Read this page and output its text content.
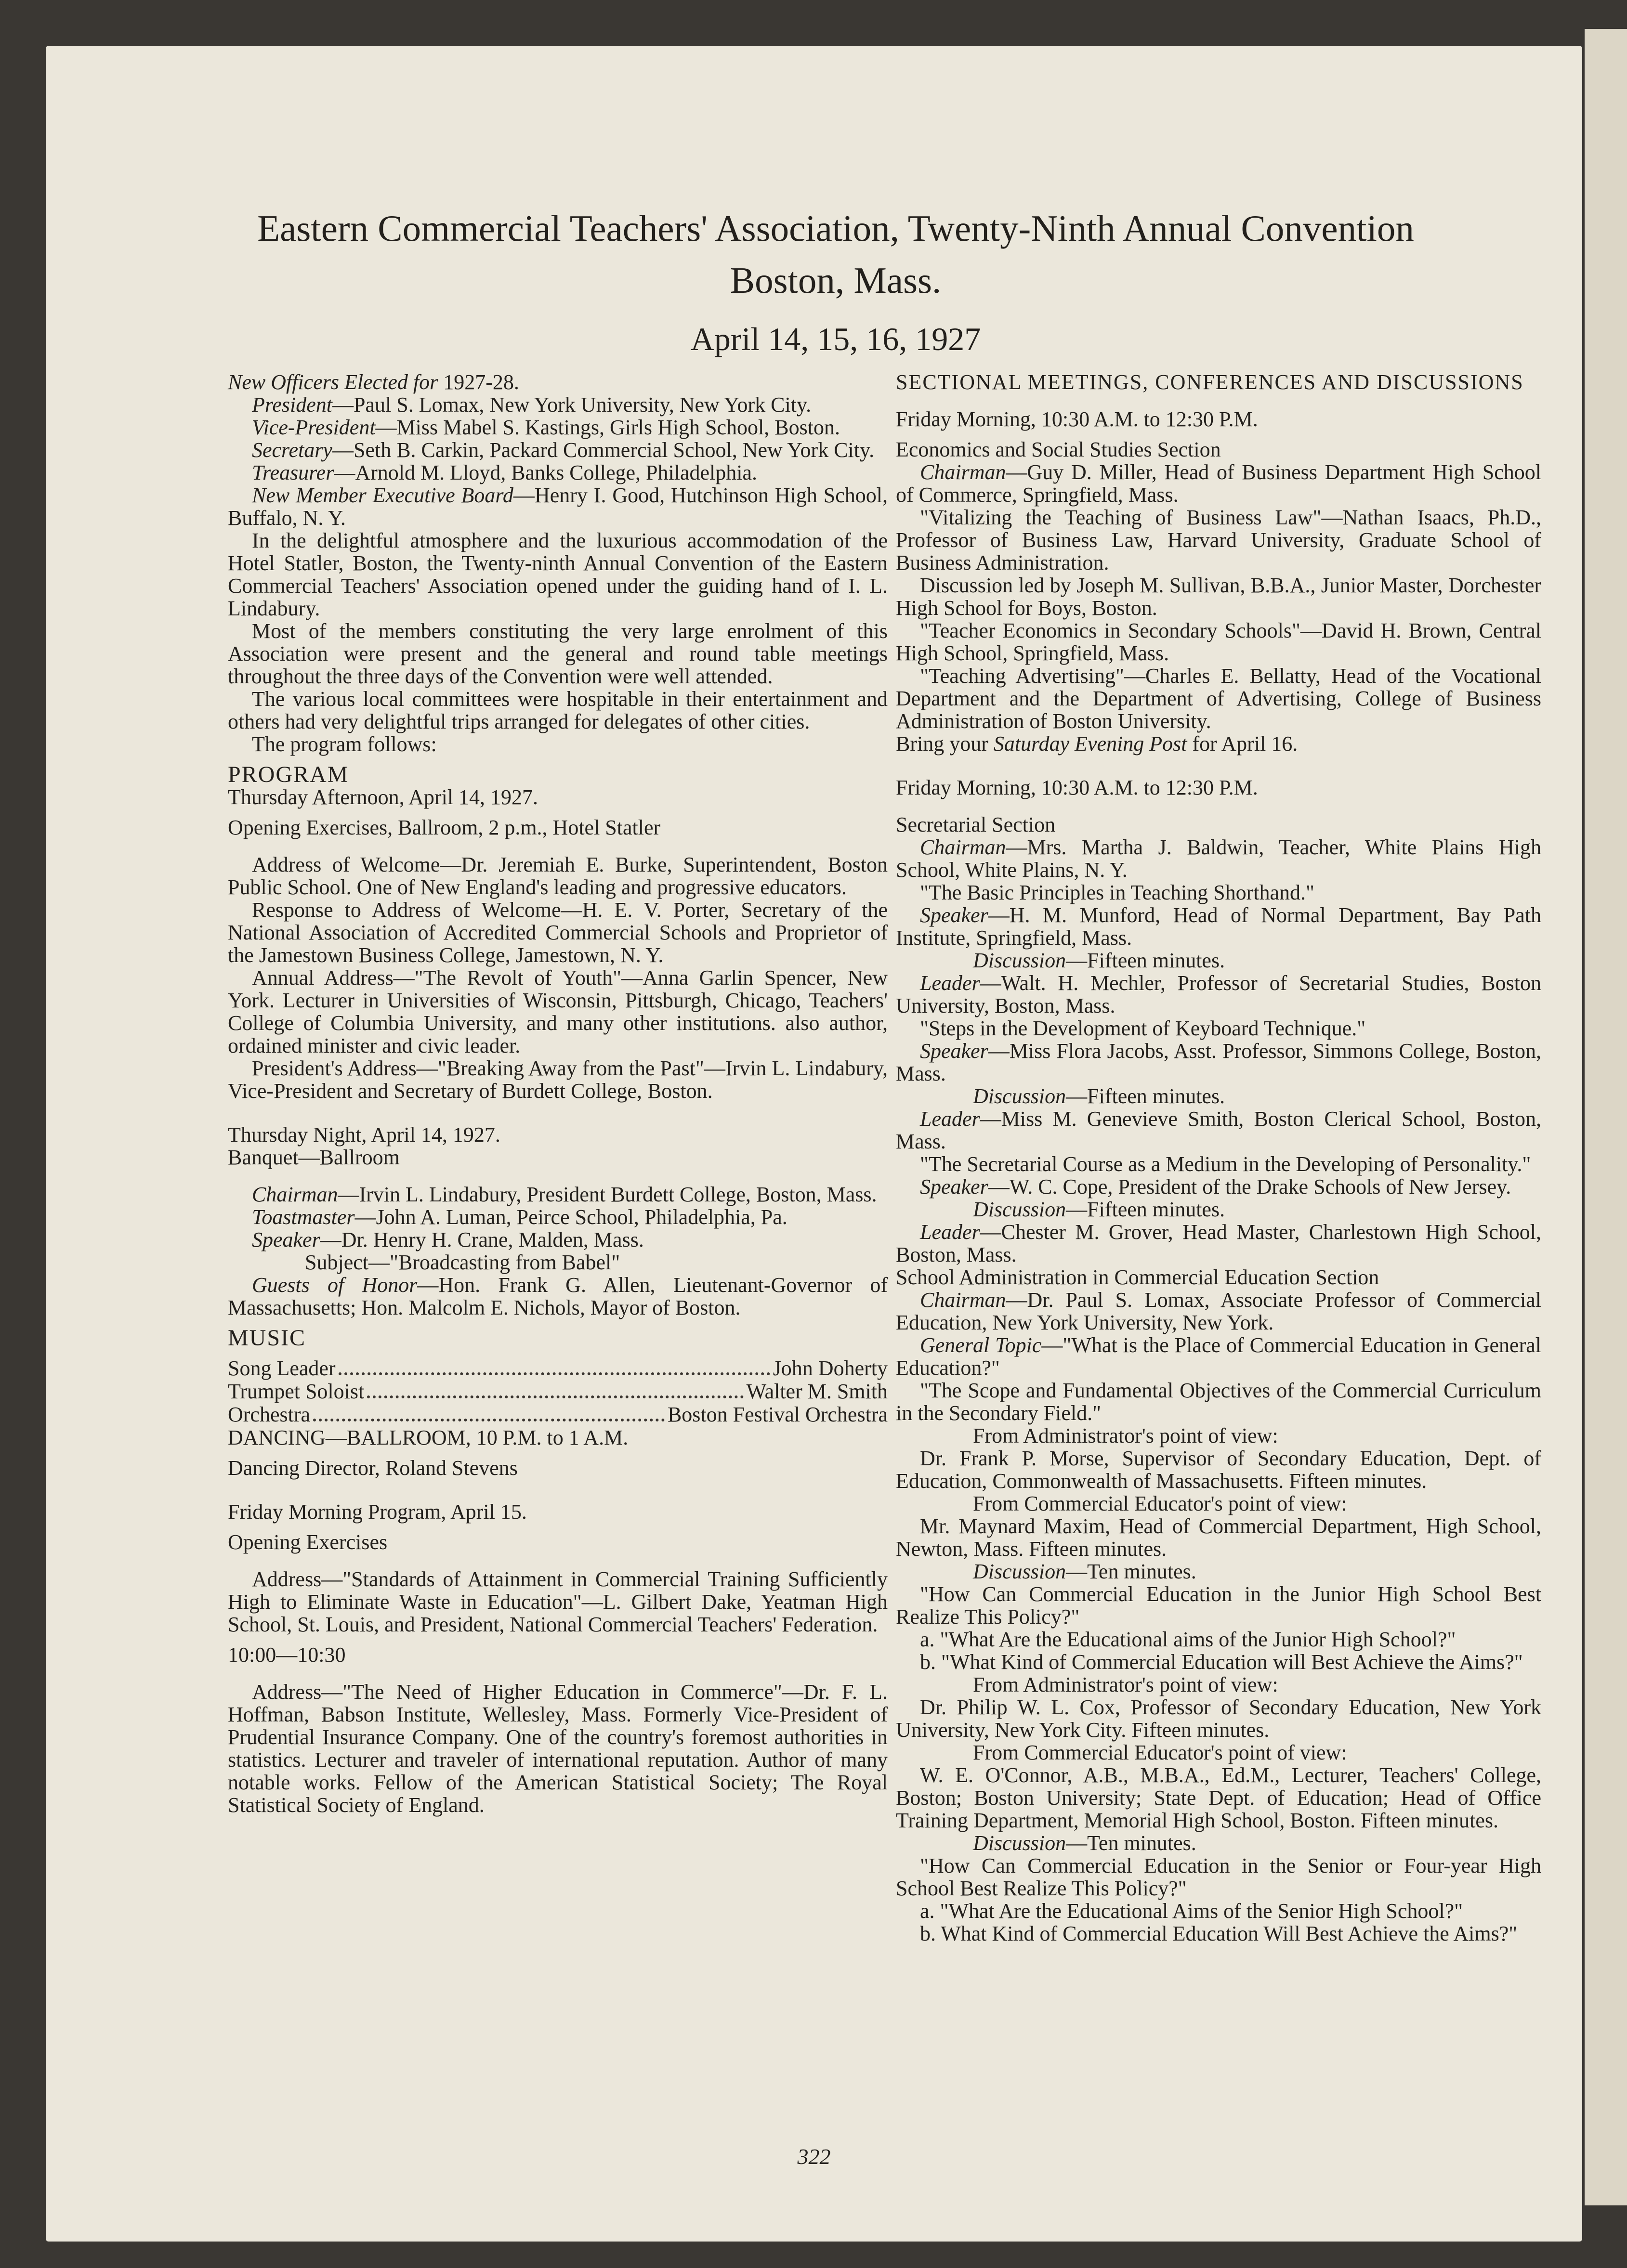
Eastern Commercial Teachers' Association, Twenty-Ninth Annual Convention
Boston, Mass.
April 14, 15, 16, 1927

New Officers Elected for 1927-28.

President—Paul S. Lomax, New York University, New York City.

Vice-President—Miss Mabel S. Kastings, Girls High School, Boston.

Secretary—Seth B. Carkin, Packard Commercial School, New York City.

Treasurer—Arnold M. Lloyd, Banks College, Philadelphia.

New Member Executive Board—Henry I. Good, Hutchinson High School, Buffalo, N. Y.

In the delightful atmosphere and the luxurious accommodation of the Hotel Statler, Boston, the Twenty-ninth Annual Convention of the Eastern Commercial Teachers' Association opened under the guiding hand of I. L. Lindabury.

Most of the members constituting the very large enrolment of this Association were present and the general and round table meetings throughout the three days of the Convention were well attended.

The various local committees were hospitable in their entertainment and others had very delightful trips arranged for delegates of other cities.

The program follows:

PROGRAM

Thursday Afternoon, April 14, 1927.

Opening Exercises, Ballroom, 2 p.m., Hotel Statler

Address of Welcome—Dr. Jeremiah E. Burke, Superintendent, Boston Public School. One of New England's leading and progressive educators.

Response to Address of Welcome—H. E. V. Porter, Secretary of the National Association of Accredited Commercial Schools and Proprietor of the Jamestown Business College, Jamestown, N. Y.

Annual Address—"The Revolt of Youth"—Anna Garlin Spencer, New York. Lecturer in Universities of Wisconsin, Pittsburgh, Chicago, Teachers' College of Columbia University, and many other institutions. also author, ordained minister and civic leader.

President's Address—"Breaking Away from the Past"—Irvin L. Lindabury, Vice-President and Secretary of Burdett College, Boston.

Thursday Night, April 14, 1927.

Banquet—Ballroom

Chairman—Irvin L. Lindabury, President Burdett College, Boston, Mass.

Toastmaster—John A. Luman, Peirce School, Philadelphia, Pa.

Speaker—Dr. Henry H. Crane, Malden, Mass.

Subject—"Broadcasting from Babel"

Guests of Honor—Hon. Frank G. Allen, Lieutenant-Governor of Massachusetts; Hon. Malcolm E. Nichols, Mayor of Boston.

MUSIC

Song Leader	John Doherty

Trumpet Soloist	Walter M. Smith

Orchestra	Boston Festival Orchestra

DANCING—BALLROOM, 10 P.M. to 1 A.M.

Dancing Director, Roland Stevens

Friday Morning Program, April 15.

Opening Exercises

Address—"Standards of Attainment in Commercial Training Sufficiently High to Eliminate Waste in Education"—L. Gilbert Dake, Yeatman High School, St. Louis, and President, National Commercial Teachers' Federation.

10:00—10:30

Address—"The Need of Higher Education in Commerce"—Dr. F. L. Hoffman, Babson Institute, Wellesley, Mass. Formerly Vice-President of Prudential Insurance Company. One of the country's foremost authorities in statistics. Lecturer and traveler of international reputation. Author of many notable works. Fellow of the American Statistical Society; The Royal Statistical Society of England.

SECTIONAL MEETINGS, CONFERENCES AND DISCUSSIONS

Friday Morning, 10:30 A.M. to 12:30 P.M.

Economics and Social Studies Section

Chairman—Guy D. Miller, Head of Business Department High School of Commerce, Springfield, Mass.

"Vitalizing the Teaching of Business Law"—Nathan Isaacs, Ph.D., Professor of Business Law, Harvard University, Graduate School of Business Administration.

Discussion led by Joseph M. Sullivan, B.B.A., Junior Master, Dorchester High School for Boys, Boston.

"Teacher Economics in Secondary Schools"—David H. Brown, Central High School, Springfield, Mass.

"Teaching Advertising"—Charles E. Bellatty, Head of the Vocational Department and the Department of Advertising, College of Business Administration of Boston University.

Bring your Saturday Evening Post for April 16.

Friday Morning, 10:30 A.M. to 12:30 P.M.

Secretarial Section

Chairman—Mrs. Martha J. Baldwin, Teacher, White Plains High School, White Plains, N. Y.

"The Basic Principles in Teaching Shorthand."

Speaker—H. M. Munford, Head of Normal Department, Bay Path Institute, Springfield, Mass.

Discussion—Fifteen minutes.

Leader—Walt. H. Mechler, Professor of Secretarial Studies, Boston University, Boston, Mass.

"Steps in the Development of Keyboard Technique."

Speaker—Miss Flora Jacobs, Asst. Professor, Simmons College, Boston, Mass.

Discussion—Fifteen minutes.

Leader—Miss M. Genevieve Smith, Boston Clerical School, Boston, Mass.

"The Secretarial Course as a Medium in the Developing of Personality."

Speaker—W. C. Cope, President of the Drake Schools of New Jersey.

Discussion—Fifteen minutes.

Leader—Chester M. Grover, Head Master, Charlestown High School, Boston, Mass.

School Administration in Commercial Education Section

Chairman—Dr. Paul S. Lomax, Associate Professor of Commercial Education, New York University, New York.

General Topic—"What is the Place of Commercial Education in General Education?"

"The Scope and Fundamental Objectives of the Commercial Curriculum in the Secondary Field."

From Administrator's point of view:

Dr. Frank P. Morse, Supervisor of Secondary Education, Dept. of Education, Commonwealth of Massachusetts. Fifteen minutes.

From Commercial Educator's point of view:

Mr. Maynard Maxim, Head of Commercial Department, High School, Newton, Mass. Fifteen minutes.

Discussion—Ten minutes.

"How Can Commercial Education in the Junior High School Best Realize This Policy?"

a. "What Are the Educational aims of the Junior High School?"

b. "What Kind of Commercial Education will Best Achieve the Aims?"

From Administrator's point of view:

Dr. Philip W. L. Cox, Professor of Secondary Education, New York University, New York City. Fifteen minutes.

From Commercial Educator's point of view:

W. E. O'Connor, A.B., M.B.A., Ed.M., Lecturer, Teachers' College, Boston; Boston University; State Dept. of Education; Head of Office Training Department, Memorial High School, Boston. Fifteen minutes.

Discussion—Ten minutes.

"How Can Commercial Education in the Senior or Four-year High School Best Realize This Policy?"

a. "What Are the Educational Aims of the Senior High School?"

b. What Kind of Commercial Education Will Best Achieve the Aims?"

322
